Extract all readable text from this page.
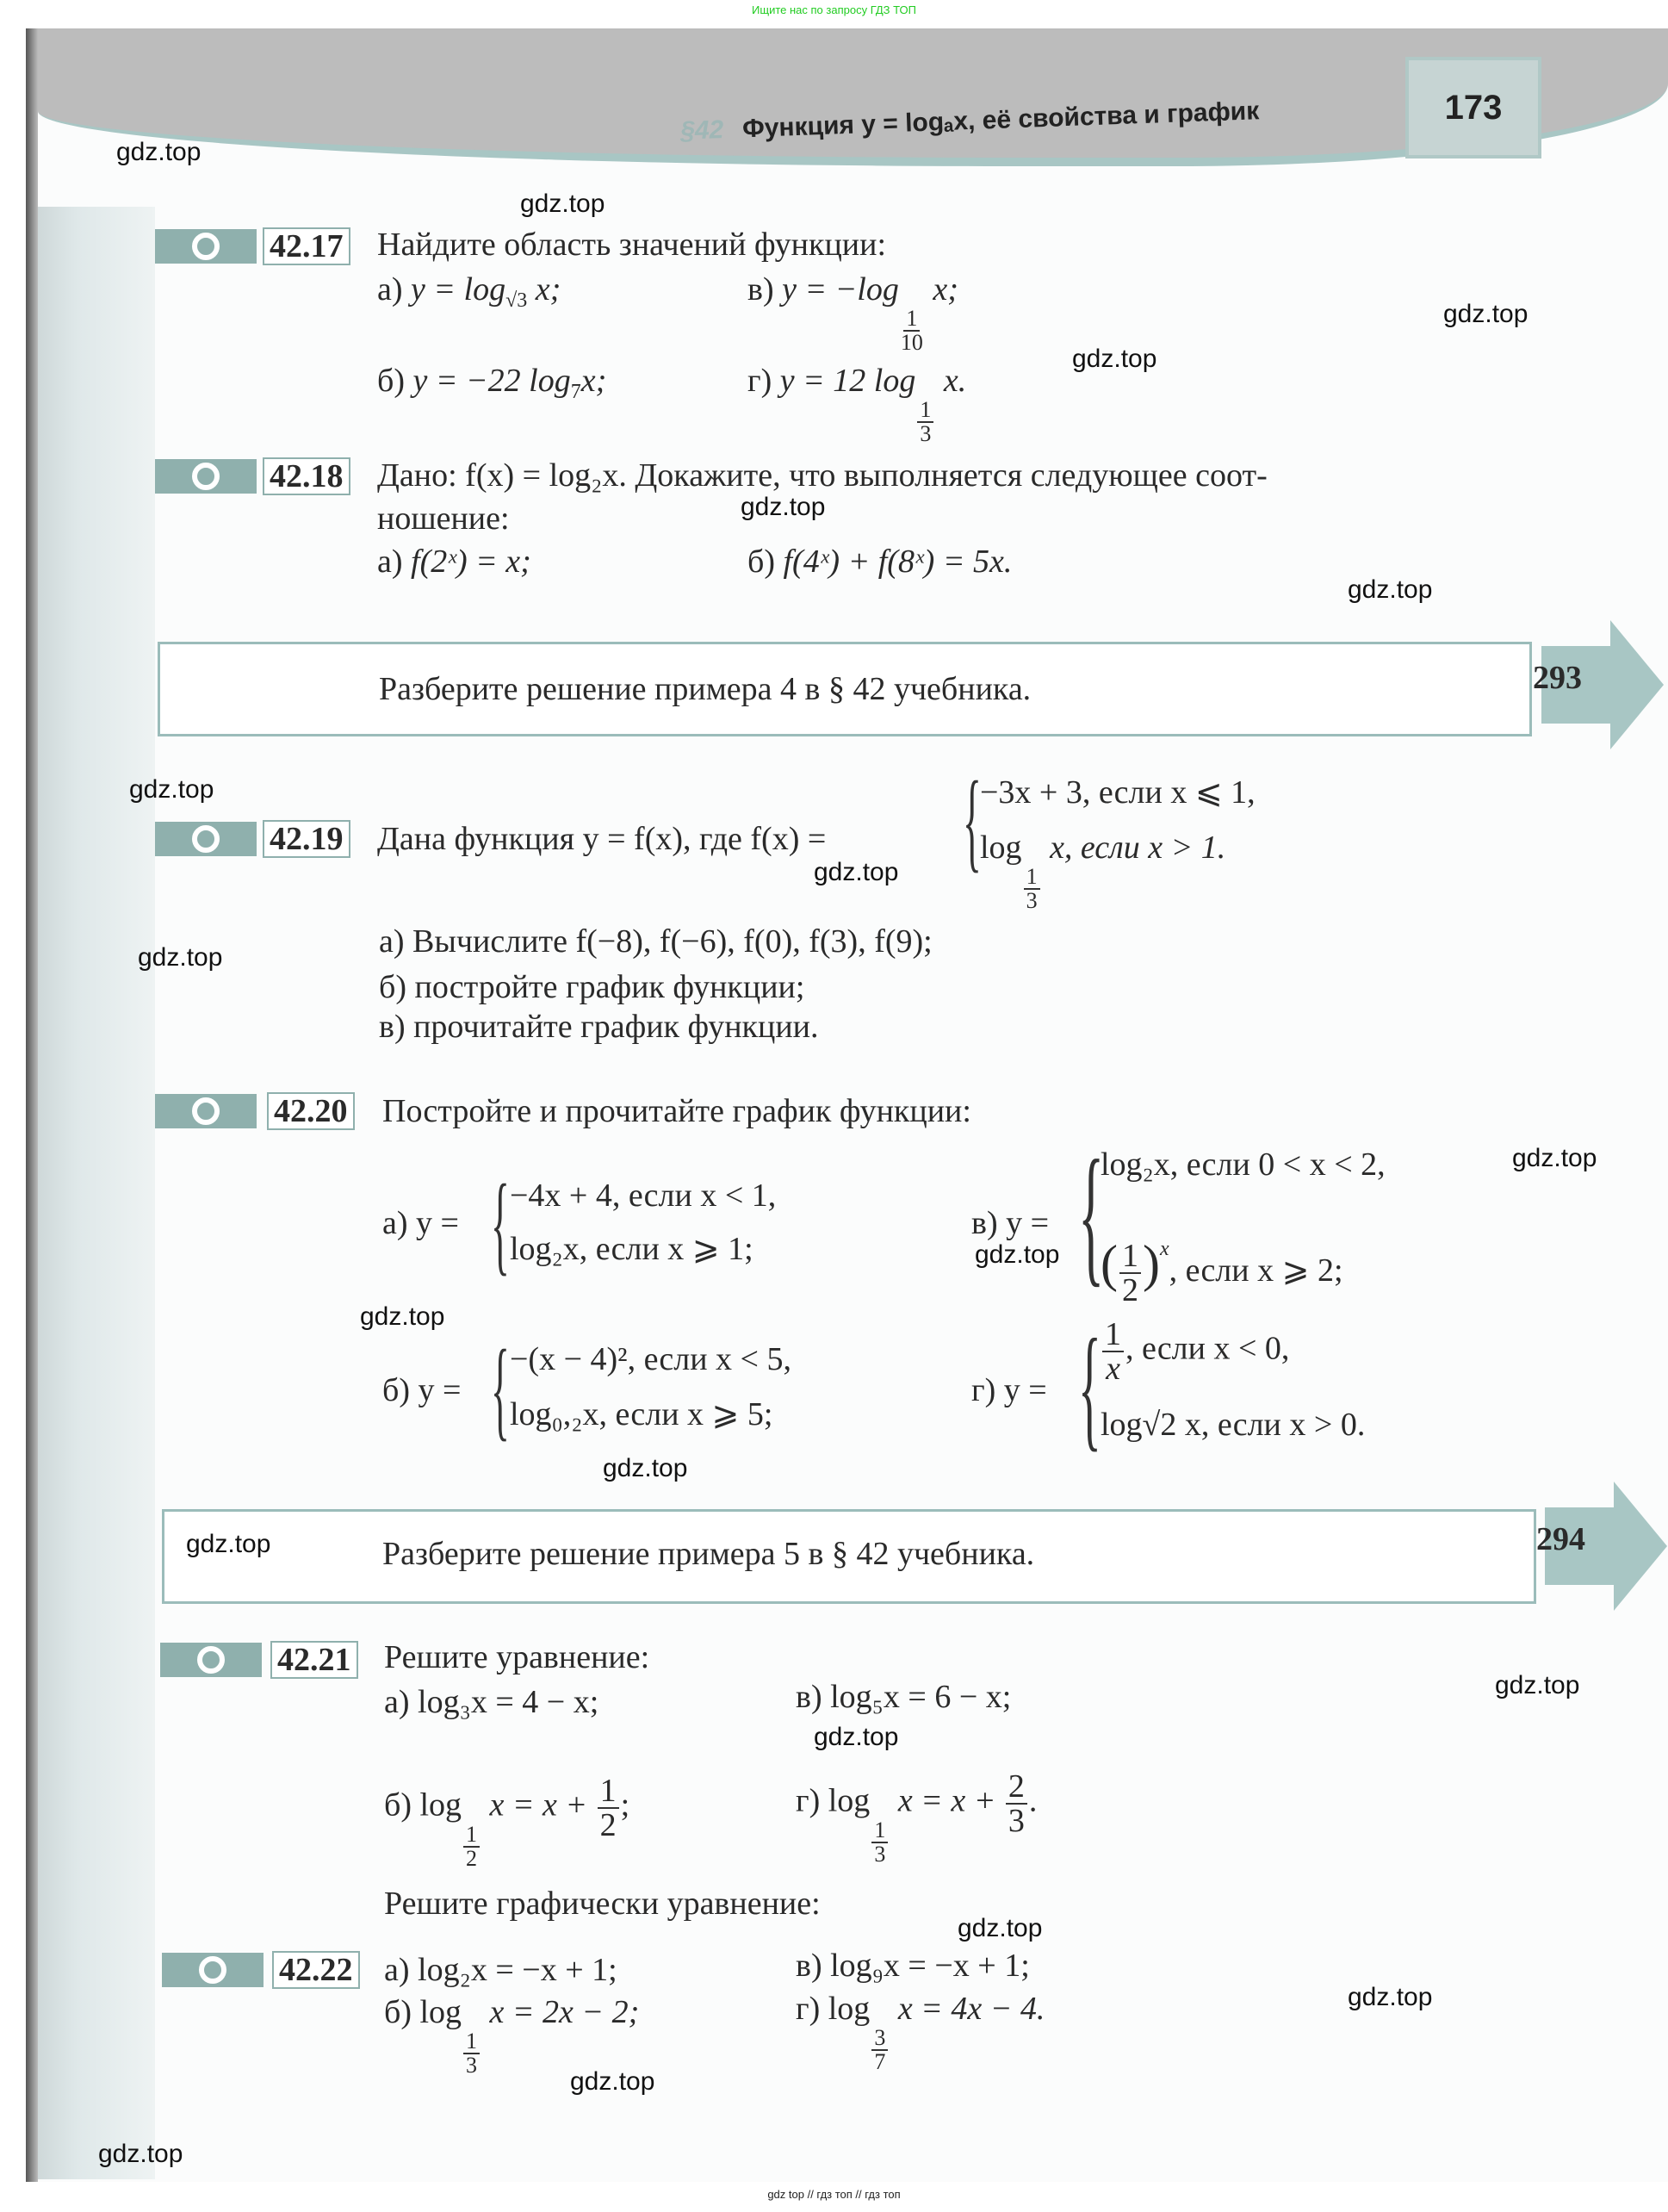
Ищите нас по запросу ГДЗ ТОП
§42 Функция y = logₐx, её свойства и график	173
42.17 Найдите область значений функции:
а) $y = \log_{√3} x$;	в) y = −log
$\frac{1}{10}$
x;
б) y = −22 $\log_7x$;	г) y = 12 log
$\frac{1}{3}$
x.
42.18 Дано: f(x) = log₂x. Докажите, что выполняется следующее соот-
ношение:
а) f(2ˣ) = x;	б) f(4ˣ) + f(8ˣ) = 5x.
Разберите решение примера 4 в § 42 учебника.	293
42.19 Дана функция y = f(x), где f(x) = {
−3x + 3, если x ⩽ 1,
log
$\frac{1}{3}$
x, если x > 1.
а) Вычислите f(−8), f(−6), f(0), f(3), f(9);
б) постройте график функции;
в) прочитайте график функции.
42.20 Постройте и прочитайте график функции:
а) y = { −4x + 4, если x < 1,
log₂x, если x ⩾ 1;
в) y = {
log₂x, если 0 < x < 2,
( $\frac{1}{2} )^x$, если x ⩾ 2;
б) y = { −(x − 4)², если x < 5,
log₀,₂x, если x ⩾ 5;
г) y = { $\frac{1}{x}$ , если x < 0,
log√2 x, если x > 0.
Разберите решение примера 5 в § 42 учебника.	294
42.21 Решите уравнение:
а) log₃x = 4 − x;	в) log₅x = 6 − x;
б) log
$\frac{1}{2}$
$x = x + \frac{1}{2}$ ;	г) log
$\frac{1}{3}$
$x = x + \frac{2}{3}$ .
Решите графически уравнение:
42.22 а) log₂x = −x + 1;	в) log₉x = −x + 1;
б) log
$\frac{1}{3}$
x = 2x − 2;	г) log
$\frac{3}{7}$
x = 4x − 4.
gdz.top
gdz.top
gdz.top
gdz.top
gdz.top
gdz.top
gdz.top
gdz.top
gdz.top
gdz.top
gdz.top
gdz.top
gdz.top
gdz.top
gdz.top
gdz.top
gdz.top
gdz.top
gdz.top
gdz.top
gdz top // гдз топ // гдз топ
